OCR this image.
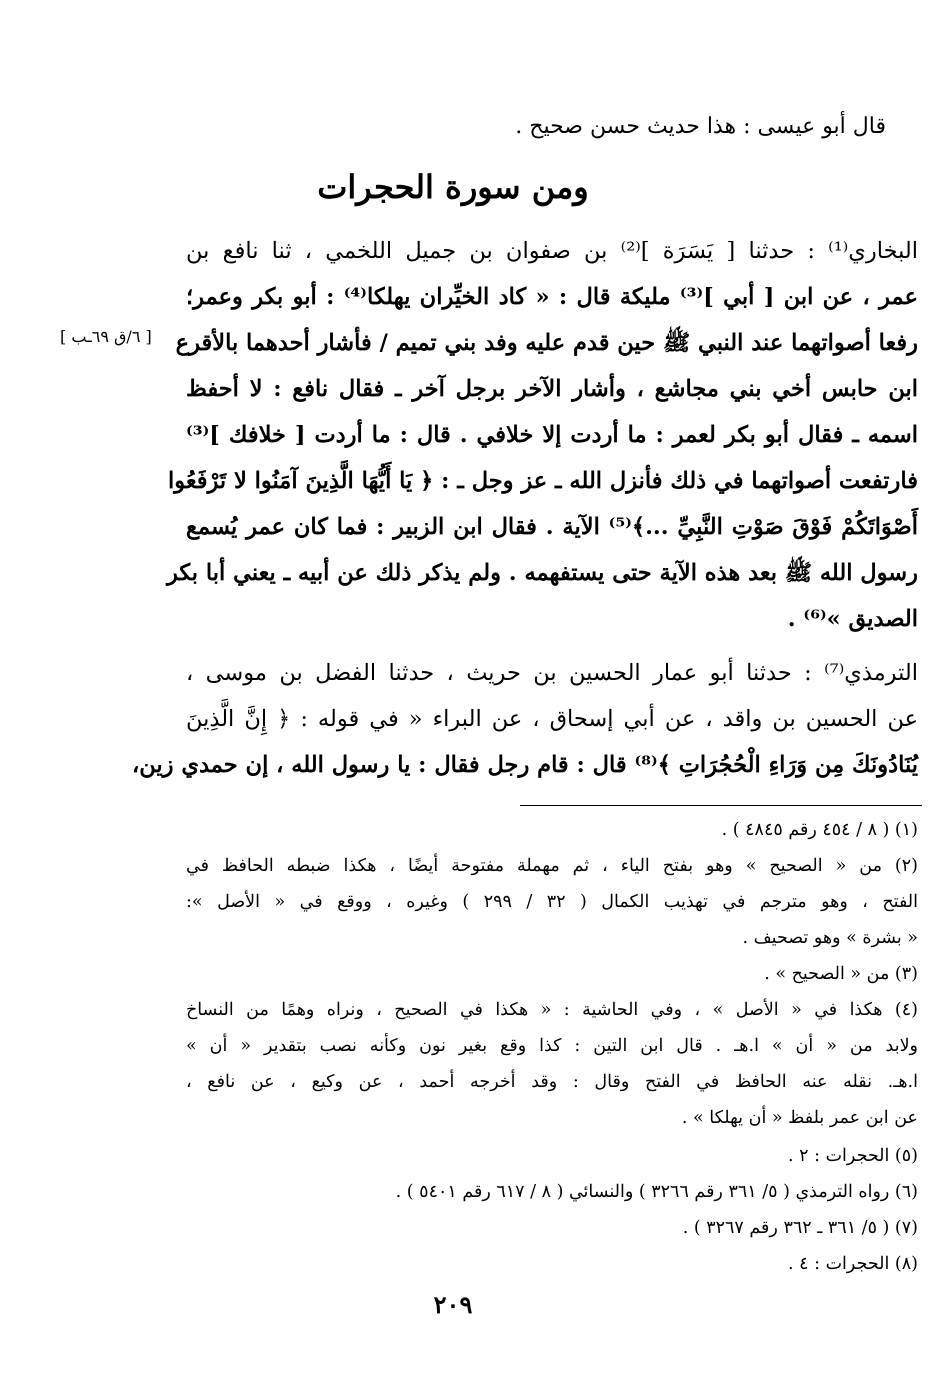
قال أبو عيسى : هذا حديث حسن صحيح .
ومن سورة الحجرات
[ ٦/ق ٦٩ـب ]
البخاري⁽¹⁾ : حدثنا [ يَسَرَة ]⁽²⁾ بن صفوان بن جميل اللخمي ، ثنا نافع بن
عمر ، عن ابن [ أبي ]⁽³⁾ مليكة قال : « كاد الخيِّران يهلكا⁽⁴⁾ : أبو بكر وعمر؛
رفعا أصواتهما عند النبي ﷺ حين قدم عليه وفد بني تميم / فأشار أحدهما بالأقرع
ابن حابس أخي بني مجاشع ، وأشار الآخر برجل آخر ـ فقال نافع : لا أحفظ
اسمه ـ فقال أبو بكر لعمر : ما أردت إلا خلافي . قال : ما أردت [ خلافك ]⁽³⁾
فارتفعت أصواتهما في ذلك فأنزل الله ـ عز وجل ـ : ﴿ يَا أَيُّهَا الَّذِينَ آمَنُوا لا تَرْفَعُوا
أَصْوَاتَكُمْ فَوْقَ صَوْتِ النَّبِيِّ ...﴾⁽⁵⁾ الآية . فقال ابن الزبير : فما كان عمر يُسمع
رسول الله ﷺ بعد هذه الآية حتى يستفهمه . ولم يذكر ذلك عن أبيه ـ يعني أبا بكر
الصديق »⁽⁶⁾ .
الترمذي⁽⁷⁾ : حدثنا أبو عمار الحسين بن حريث ، حدثنا الفضل بن موسى ،
عن الحسين بن واقد ، عن أبي إسحاق ، عن البراء « في قوله : ﴿ إِنَّ الَّذِينَ
يُنَادُونَكَ مِن وَرَاءِ الْحُجُرَاتِ ﴾⁽⁸⁾ قال : قام رجل فقال : يا رسول الله ، إن حمدي زين،
(١) ( ٨ / ٤٥٤ رقم ٤٨٤٥ ) .
(٢) من « الصحيح » وهو بفتح الياء ، ثم مهملة مفتوحة أيضًا ، هكذا ضبطه الحافظ في
الفتح ، وهو مترجم في تهذيب الكمال ( ٣٢ / ٢٩٩ ) وغيره ، ووقع في « الأصل »:
« بشرة » وهو تصحيف .
(٣) من « الصحيح » .
(٤) هكذا في « الأصل » ، وفي الحاشية : « هكذا في الصحيح ، ونراه وهمًا من النساخ
ولابد من « أن » ا.هـ . قال ابن التين : كذا وقع بغير نون وكأنه نصب بتقدير « أن »
ا.هـ. نقله عنه الحافظ في الفتح وقال : وقد أخرجه أحمد ، عن وكيع ، عن نافع ،
عن ابن عمر بلفظ « أن يهلكا » .
(٥) الحجرات : ٢ .
(٦) رواه الترمذي ( ٥/ ٣٦١ رقم ٣٢٦٦ ) والنسائي ( ٨ / ٦١٧ رقم ٥٤٠١ ) .
(٧) ( ٥/ ٣٦١ ـ ٣٦٢ رقم ٣٢٦٧ ) .
(٨) الحجرات : ٤ .
٢٠٩
